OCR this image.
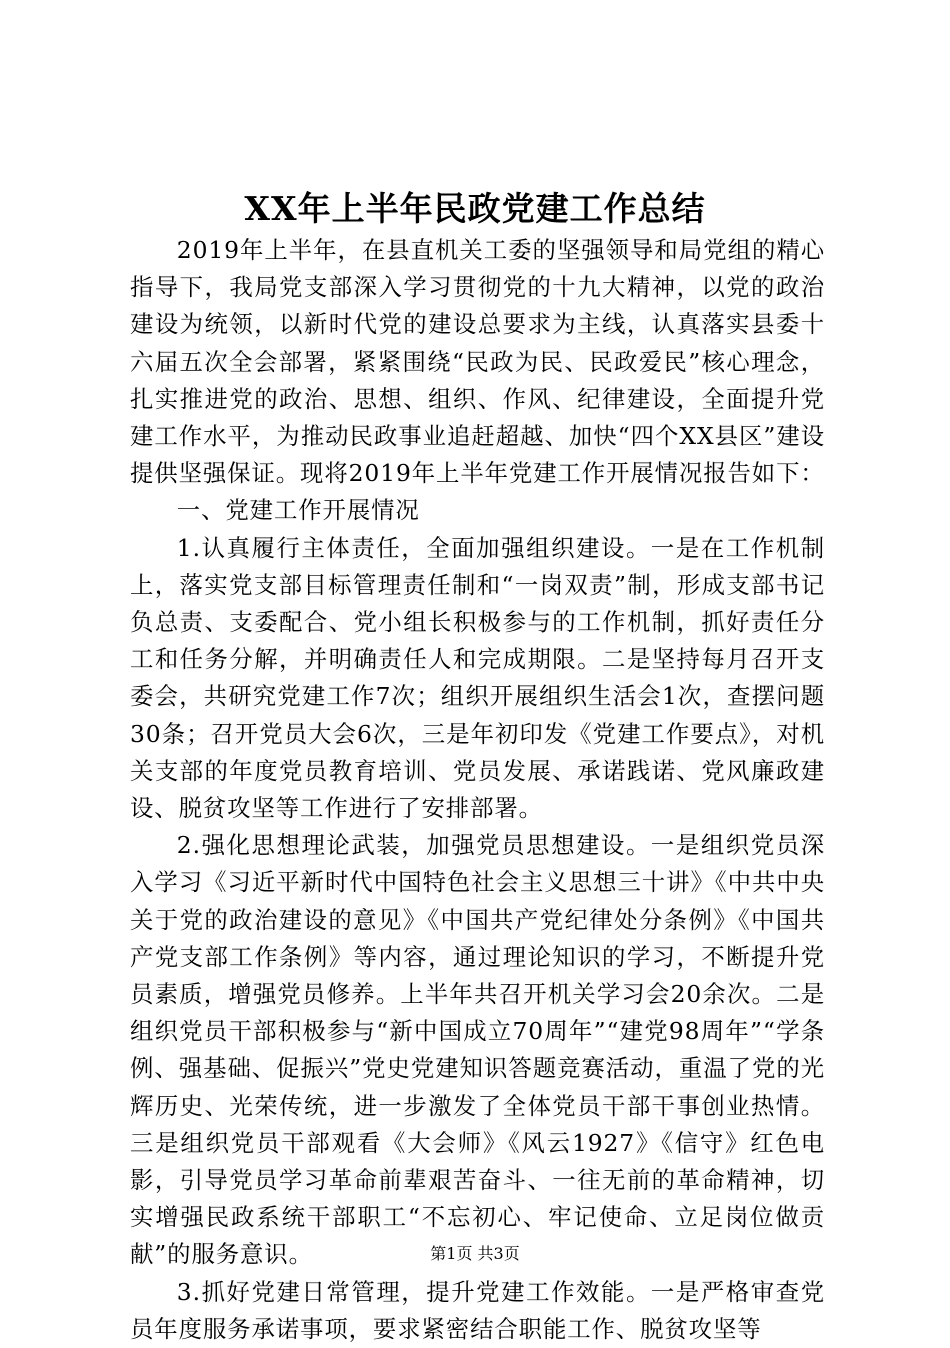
XX年上半年民政党建工作总结

2019年上半年，在县直机关工委的坚强领导和局党组的精心指导下，我局党支部深入学习贯彻党的十九大精神，以党的政治建设为统领，以新时代党的建设总要求为主线，认真落实县委十六届五次全会部署，紧紧围绕“民政为民、民政爱民”核心理念，扎实推进党的政治、思想、组织、作风、纪律建设，全面提升党建工作水平，为推动民政事业追赶超越、加快“四个XX县区”建设提供坚强保证。现将2019年上半年党建工作开展情况报告如下：

一、党建工作开展情况

1.认真履行主体责任，全面加强组织建设。一是在工作机制上，落实党支部目标管理责任制和“一岗双责”制，形成支部书记负总责、支委配合、党小组长积极参与的工作机制，抓好责任分工和任务分解，并明确责任人和完成期限。二是坚持每月召开支委会，共研究党建工作7次；组织开展组织生活会1次，查摆问题30条；召开党员大会6次，三是年初印发《党建工作要点》，对机关支部的年度党员教育培训、党员发展、承诺践诺、党风廉政建设、脱贫攻坚等工作进行了安排部署。

2.强化思想理论武装，加强党员思想建设。一是组织党员深入学习《习近平新时代中国特色社会主义思想三十讲》《中共中央关于党的政治建设的意见》《中国共产党纪律处分条例》《中国共产党支部工作条例》等内容，通过理论知识的学习，不断提升党员素质，增强党员修养。上半年共召开机关学习会20余次。二是组织党员干部积极参与“新中国成立70周年”“建党98周年”“学条例、强基础、促振兴”党史党建知识答题竞赛活动，重温了党的光辉历史、光荣传统，进一步激发了全体党员干部干事创业热情。三是组织党员干部观看《大会师》《风云1927》《信守》红色电影，引导党员学习革命前辈艰苦奋斗、一往无前的革命精神，切实增强民政系统干部职工“不忘初心、牢记使命、立足岗位做贡献”的服务意识。

3.抓好党建日常管理，提升党建工作效能。一是严格审查党员年度服务承诺事项，要求紧密结合职能工作、脱贫攻坚等

第1页 共3页
